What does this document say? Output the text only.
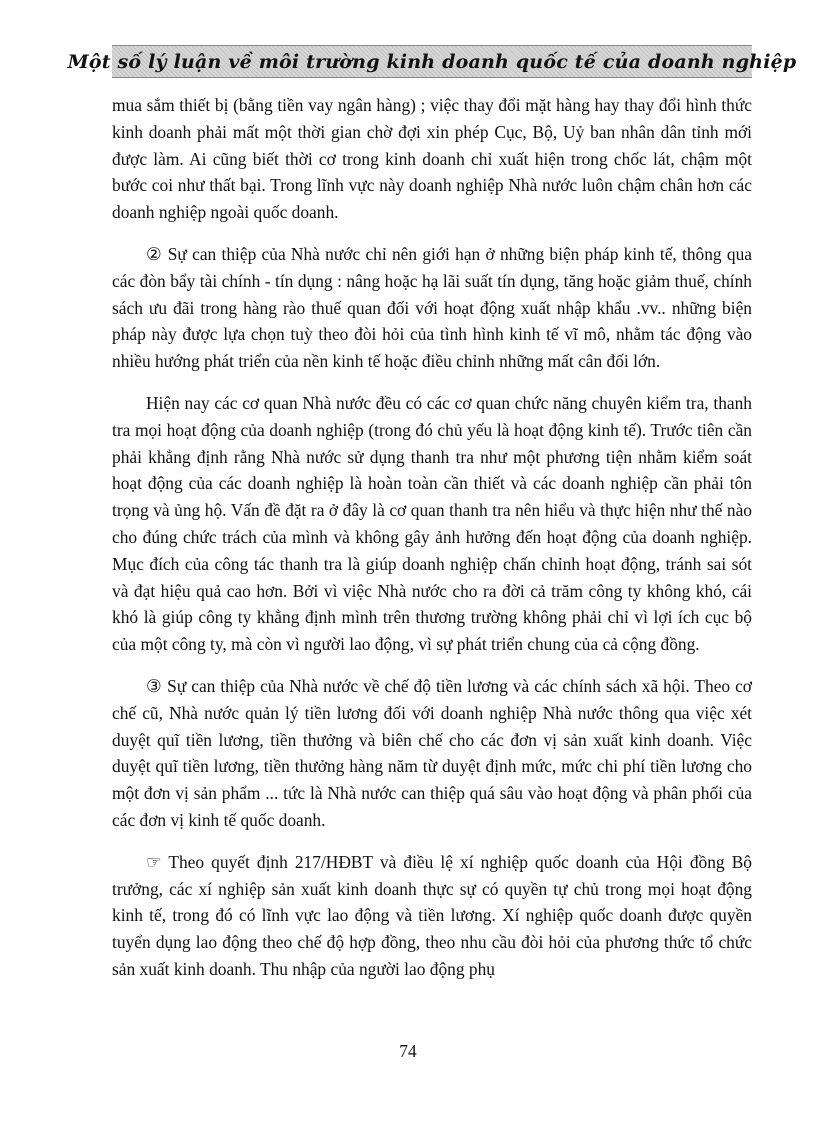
Một số lý luận về môi trường kinh doanh quốc tế của doanh nghiệp

mua sắm thiết bị (bằng tiền vay ngân hàng) ; việc thay đổi mặt hàng hay thay đổi hình thức kinh doanh phải mất một thời gian chờ đợi xin phép Cục, Bộ, Uỷ ban nhân dân tỉnh mới được làm. Ai cũng biết thời cơ trong kinh doanh chỉ xuất hiện trong chốc lát, chậm một bước coi như thất bại. Trong lĩnh vực này doanh nghiệp Nhà nước luôn chậm chân hơn các doanh nghiệp ngoài quốc doanh.

② Sự can thiệp của Nhà nước chỉ nên giới hạn ở những biện pháp kinh tế, thông qua các đòn bẩy tài chính - tín dụng : nâng hoặc hạ lãi suất tín dụng, tăng hoặc giảm thuế, chính sách ưu đãi trong hàng rào thuế quan đối với hoạt động xuất nhập khẩu .vv.. những biện pháp này được lựa chọn tuỳ theo đòi hỏi của tình hình kinh tế vĩ mô, nhằm tác động vào nhiều hướng phát triển của nền kinh tế hoặc điều chỉnh những mất cân đối lớn.

Hiện nay các cơ quan Nhà nước đều có các cơ quan chức năng chuyên kiểm tra, thanh tra mọi hoạt động của doanh nghiệp (trong đó chủ yếu là hoạt động kinh tế). Trước tiên cần phải khẳng định rằng Nhà nước sử dụng thanh tra như một phương tiện nhằm kiểm soát hoạt động của các doanh nghiệp là hoàn toàn cần thiết và các doanh nghiệp cần phải tôn trọng và ủng hộ. Vấn đề đặt ra ở đây là cơ quan thanh tra nên hiểu và thực hiện như thế nào cho đúng chức trách của mình và không gây ảnh hưởng đến hoạt động của doanh nghiệp. Mục đích của công tác thanh tra là giúp doanh nghiệp chấn chỉnh hoạt động, tránh sai sót và đạt hiệu quả cao hơn. Bởi vì việc Nhà nước cho ra đời cả trăm công ty không khó, cái khó là giúp công ty khẳng định mình trên thương trường không phải chỉ vì lợi ích cục bộ của một công ty, mà còn vì người lao động, vì sự phát triển chung của cả cộng đồng.

③ Sự can thiệp của Nhà nước về chế độ tiền lương và các chính sách xã hội. Theo cơ chế cũ, Nhà nước quản lý tiền lương đối với doanh nghiệp Nhà nước thông qua việc xét duyệt quĩ tiền lương, tiền thưởng và biên chế cho các đơn vị sản xuất kinh doanh. Việc duyệt quĩ tiền lương, tiền thưởng hàng năm từ duyệt định mức, mức chi phí tiền lương cho một đơn vị sản phẩm ... tức là Nhà nước can thiệp quá sâu vào hoạt động và phân phối của các đơn vị kinh tế quốc doanh.

☞ Theo quyết định 217/HĐBT và điều lệ xí nghiệp quốc doanh của Hội đồng Bộ trưởng, các xí nghiệp sản xuất kinh doanh thực sự có quyền tự chủ trong mọi hoạt động kinh tế, trong đó có lĩnh vực lao động và tiền lương. Xí nghiệp quốc doanh được quyền tuyển dụng lao động theo chế độ hợp đồng, theo nhu cầu đòi hỏi của phương thức tổ chức sản xuất kinh doanh. Thu nhập của người lao động phụ

74
